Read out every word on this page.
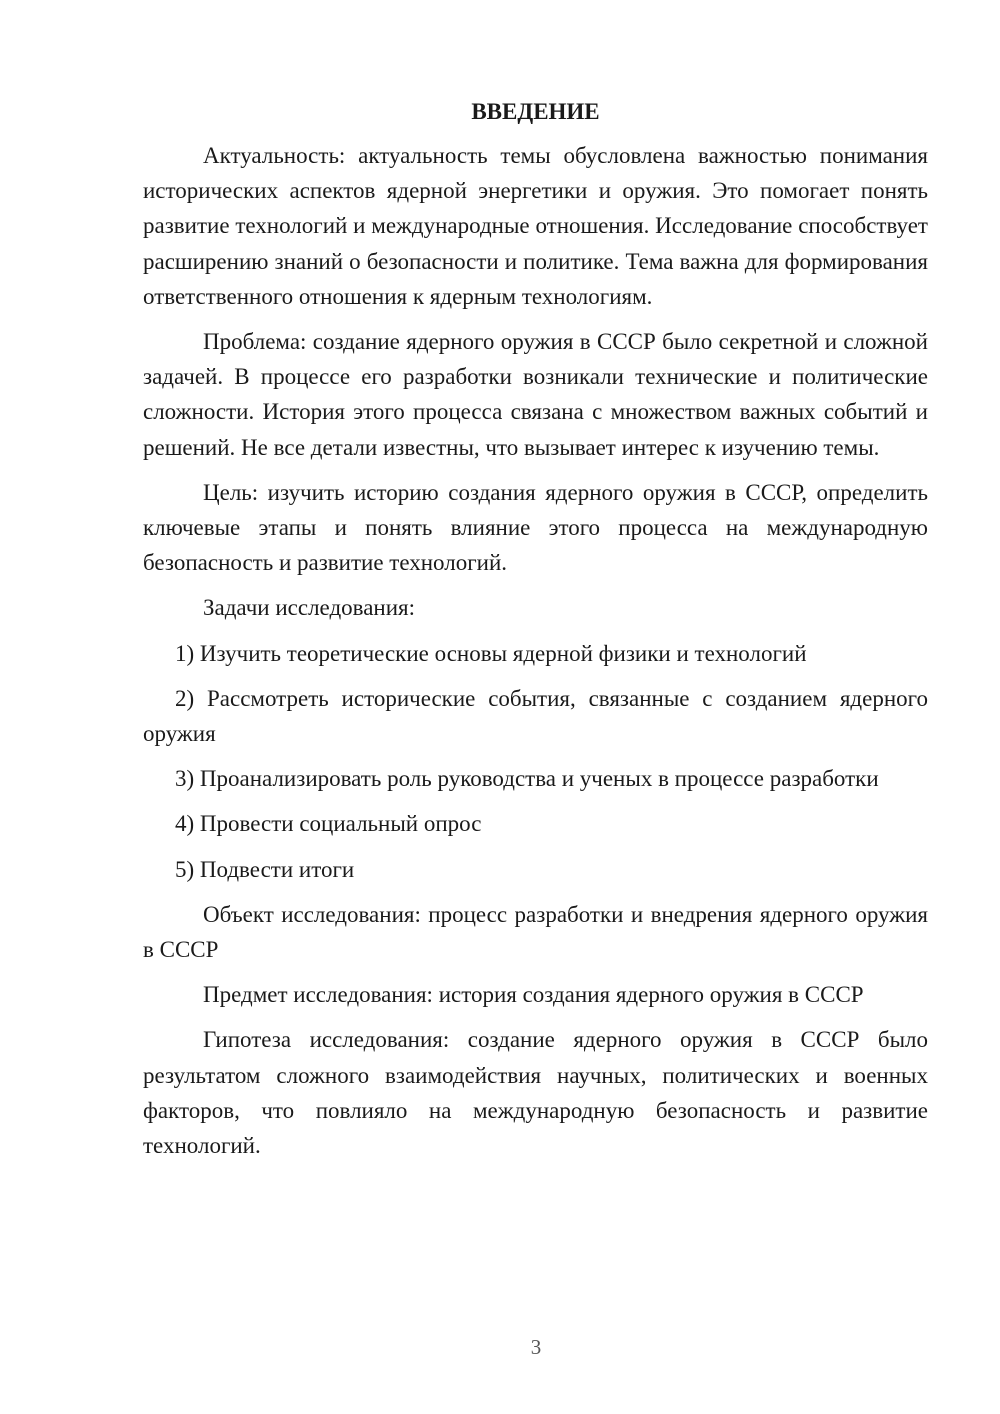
ВВЕДЕНИЕ

Актуальность: актуальность темы обусловлена важностью понимания исторических аспектов ядерной энергетики и оружия. Это помогает понять развитие технологий и международные отношения. Исследование способствует расширению знаний о безопасности и политике. Тема важна для формирования ответственного отношения к ядерным технологиям.

Проблема: создание ядерного оружия в СССР было секретной и сложной задачей. В процессе его разработки возникали технические и политические сложности. История этого процесса связана с множеством важных событий и решений. Не все детали известны, что вызывает интерес к изучению темы.

Цель: изучить историю создания ядерного оружия в СССР, определить ключевые этапы и понять влияние этого процесса на международную безопасность и развитие технологий.

Задачи исследования:

1) Изучить теоретические основы ядерной физики и технологий

2) Рассмотреть исторические события, связанные с созданием ядерного оружия

3) Проанализировать роль руководства и ученых в процессе разработки

4) Провести социальный опрос

5) Подвести итоги

Объект исследования: процесс разработки и внедрения ядерного оружия в СССР

Предмет исследования: история создания ядерного оружия в СССР

Гипотеза исследования: создание ядерного оружия в СССР было результатом сложного взаимодействия научных, политических и военных факторов, что повлияло на международную безопасность и развитие технологий.

3
